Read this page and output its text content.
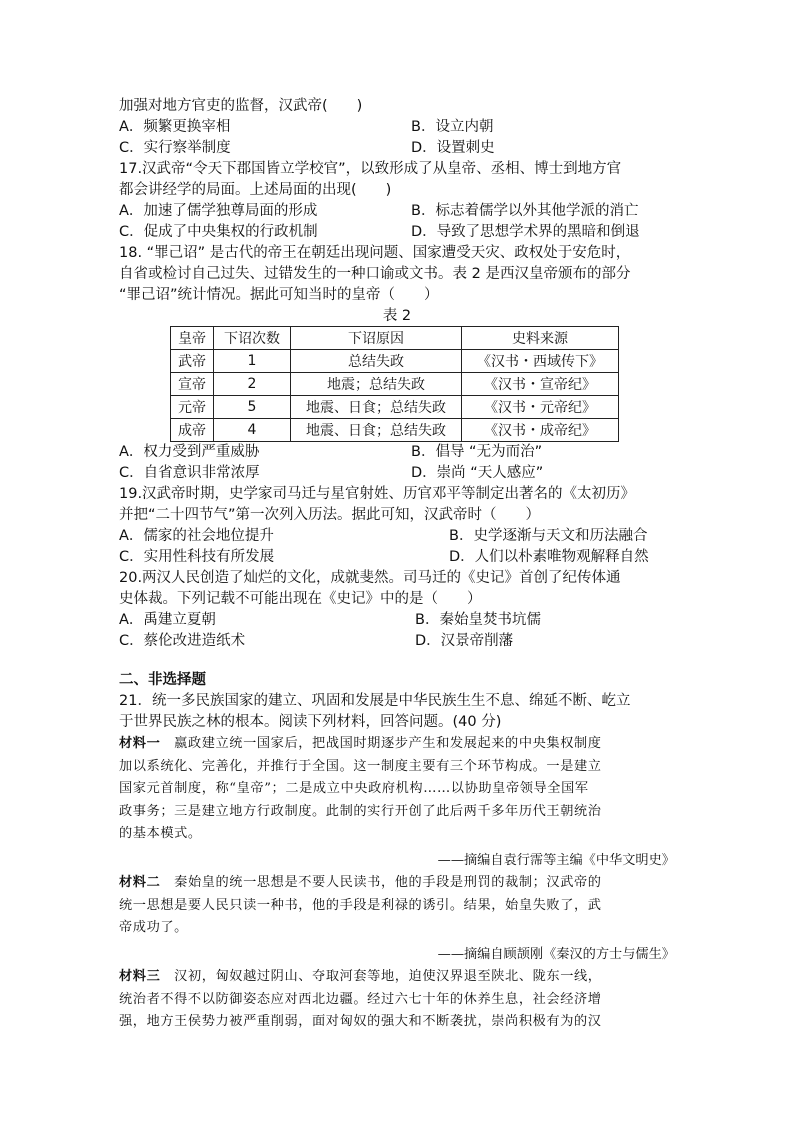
加强对地方官吏的监督，汉武帝(　　)
A．频繁更换宰相	B．设立内朝
C．实行察举制度	D．设置刺史
17.汉武帝“令天下郡国皆立学校官”，以致形成了从皇帝、丞相、博士到地方官
都会讲经学的局面。上述局面的出现(　　)
A．加速了儒学独尊局面的形成	B．标志着儒学以外其他学派的消亡
C．促成了中央集权的行政机制	D．导致了思想学术界的黑暗和倒退
18. “罪己诏” 是古代的帝王在朝廷出现问题、国家遭受天灾、政权处于安危时，
自省或检讨自己过失、过错发生的一种口谕或文书。表 2 是西汉皇帝颁布的部分
“罪己诏”统计情况。据此可知当时的皇帝（　　）
表 2
皇帝	下诏次数	下诏原因	史料来源
武帝	1	总结失政	《汉书・西域传下》
宣帝	2	地震；总结失政	《汉书・宣帝纪》
元帝	5	地震、日食；总结失政	《汉书・元帝纪》
成帝	4	地震、日食；总结失政	《汉书・成帝纪》
A．权力受到严重威胁	B．倡导 “无为而治”
C．自省意识非常浓厚	D．崇尚 “天人感应”
19.汉武帝时期，史学家司马迁与星官射姓、历官邓平等制定出著名的《太初历》
并把“二十四节气”第一次列入历法。据此可知，汉武帝时（　　）
A．儒家的社会地位提升	B．史学逐渐与天文和历法融合
C．实用性科技有所发展	D．人们以朴素唯物观解释自然
20.两汉人民创造了灿烂的文化，成就斐然。司马迁的《史记》首创了纪传体通
史体裁。下列记载不可能出现在《史记》中的是（　　）
A．禹建立夏朝	B．秦始皇焚书坑儒
C．蔡伦改进造纸术	D．汉景帝削藩
二、非选择题
21．统一多民族国家的建立、巩固和发展是中华民族生生不息、绵延不断、屹立
于世界民族之林的根本。阅读下列材料，回答问题。(40 分)
材料一　嬴政建立统一国家后，把战国时期逐步产生和发展起来的中央集权制度
加以系统化、完善化，并推行于全国。这一制度主要有三个环节构成。一是建立
国家元首制度，称“皇帝”；二是成立中央政府机构……以协助皇帝领导全国军
政事务；三是建立地方行政制度。此制的实行开创了此后两千多年历代王朝统治
的基本模式。
——摘编自袁行霈等主编《中华文明史》
材料二　秦始皇的统一思想是不要人民读书，他的手段是刑罚的裁制；汉武帝的
统一思想是要人民只读一种书，他的手段是利禄的诱引。结果，始皇失败了，武
帝成功了。
——摘编自顾颉刚《秦汉的方士与儒生》
材料三　汉初，匈奴越过阴山、夺取河套等地，迫使汉界退至陕北、陇东一线，
统治者不得不以防御姿态应对西北边疆。经过六七十年的休养生息，社会经济增
强，地方王侯势力被严重削弱，面对匈奴的强大和不断袭扰，崇尚积极有为的汉
